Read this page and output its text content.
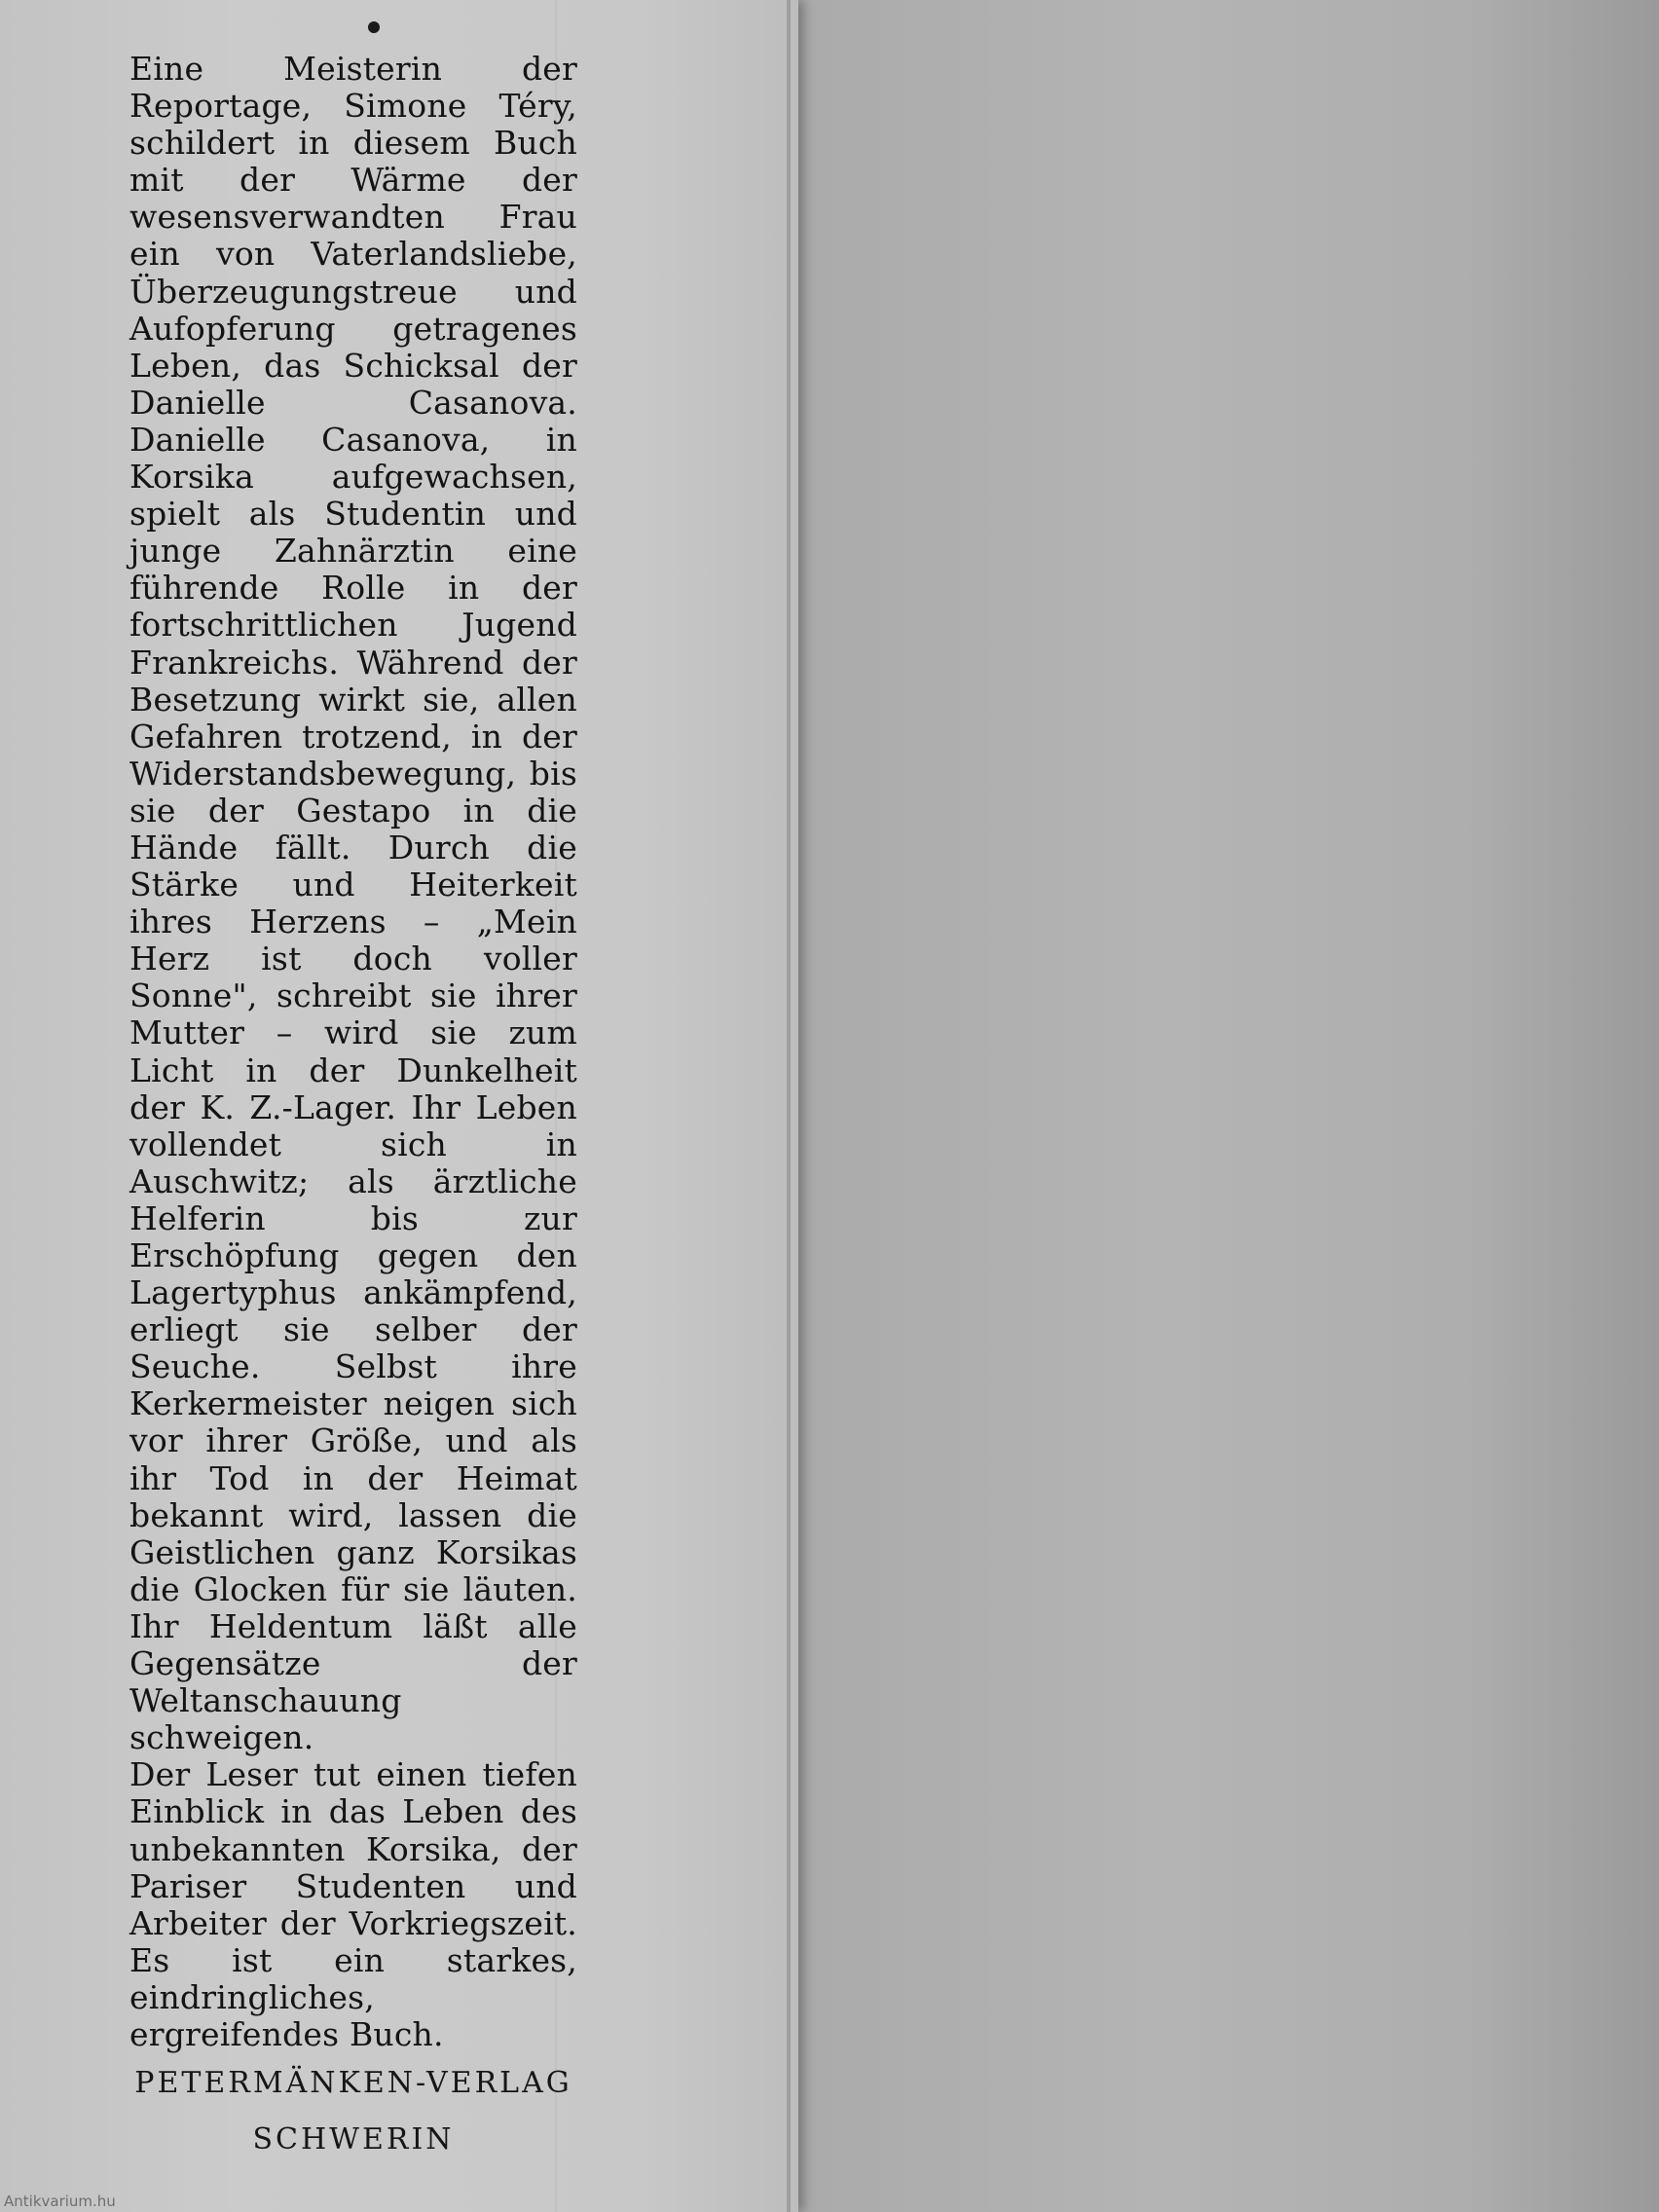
Eine Meisterin der Reportage, Simone Téry, schildert in diesem Buch mit der Wärme der wesensverwandten Frau ein von Vaterlandsliebe, Überzeugungstreue und Aufopferung getragenes Leben, das Schicksal der Danielle Casanova. Danielle Casanova, in Korsika aufgewachsen, spielt als Studentin und junge Zahnärztin eine führende Rolle in der fortschrittlichen Jugend Frankreichs. Während der Besetzung wirkt sie, allen Gefahren trotzend, in der Widerstandsbewegung, bis sie der Gestapo in die Hände fällt. Durch die Stärke und Heiterkeit ihres Herzens – „Mein Herz ist doch voller Sonne", schreibt sie ihrer Mutter – wird sie zum Licht in der Dunkelheit der K. Z.-Lager. Ihr Leben vollendet sich in Auschwitz; als ärztliche Helferin bis zur Erschöpfung gegen den Lagertyphus ankämpfend, erliegt sie selber der Seuche. Selbst ihre Kerkermeister neigen sich vor ihrer Größe, und als ihr Tod in der Heimat bekannt wird, lassen die Geistlichen ganz Korsikas die Glocken für sie läuten. Ihr Heldentum läßt alle Gegensätze der Weltanschauung schweigen.

Der Leser tut einen tiefen Einblick in das Leben des unbekannten Korsika, der Pariser Studenten und Arbeiter der Vorkriegszeit. Es ist ein starkes, eindringliches, ergreifendes Buch.

PETERMÄNKEN-VERLAG
SCHWERIN
Antikvarium.hu
